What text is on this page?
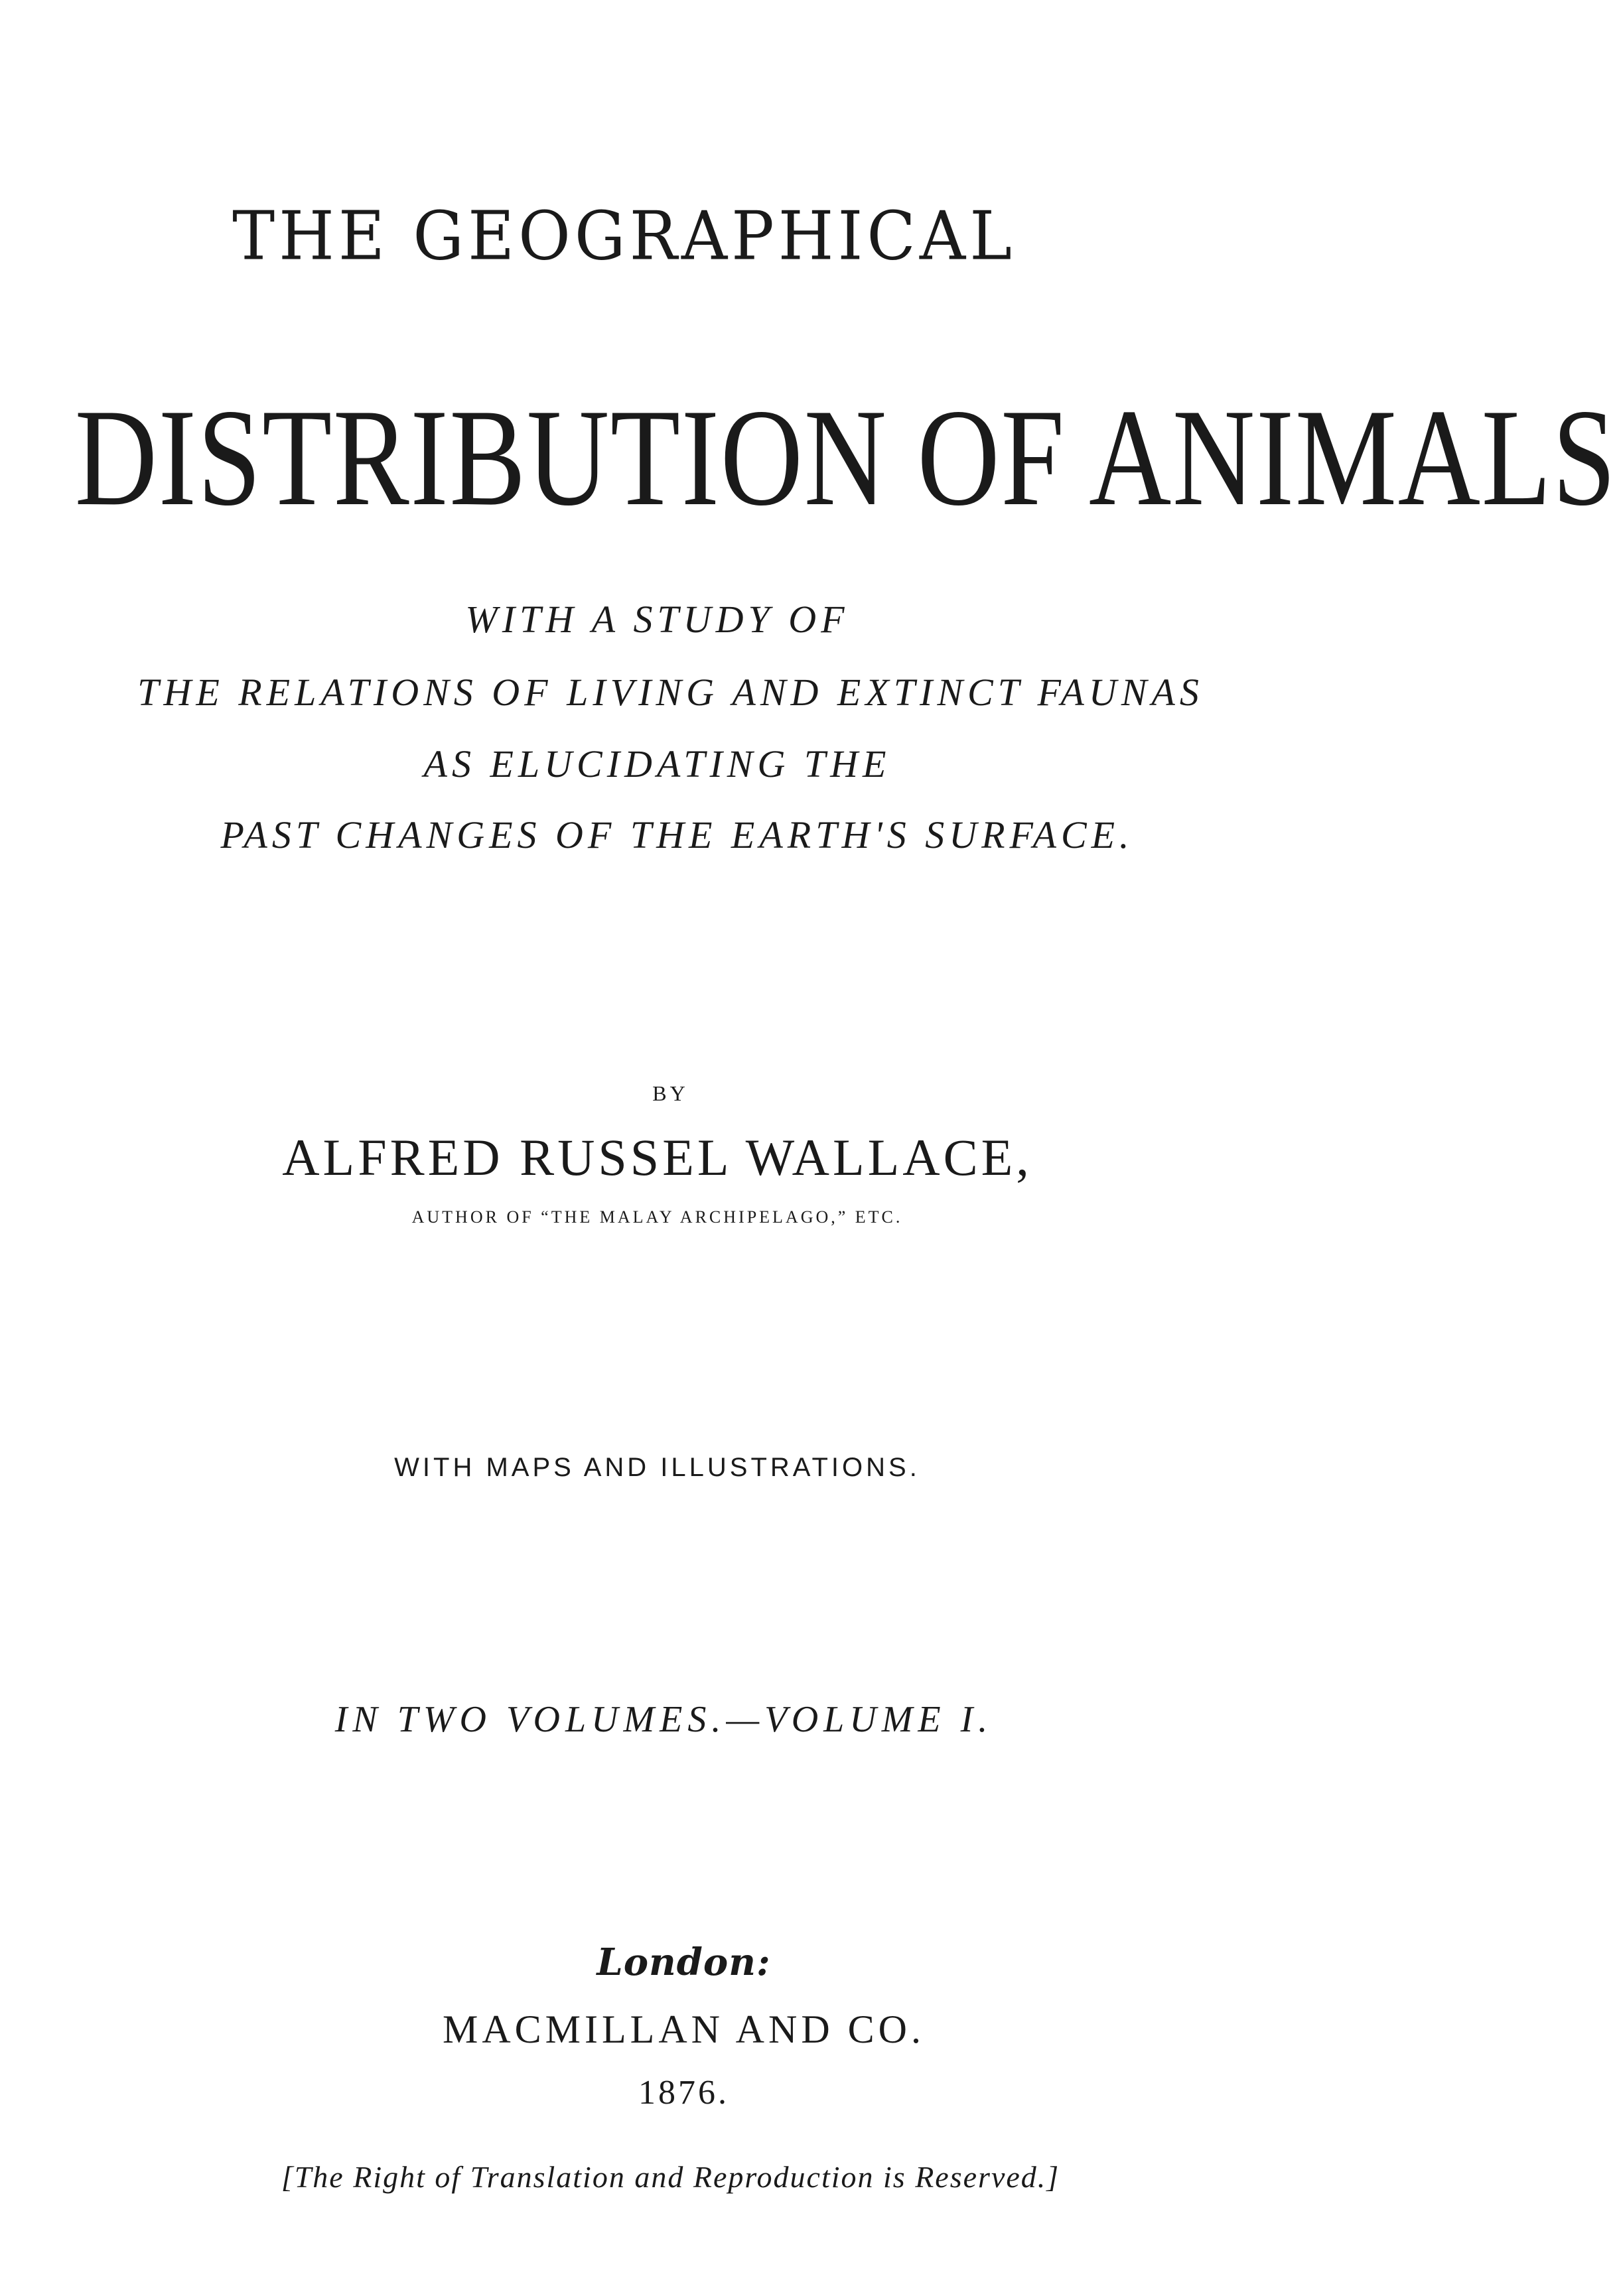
THE GEOGRAPHICAL
DISTRIBUTION OF ANIMALS
WITH A STUDY OF
THE RELATIONS OF LIVING AND EXTINCT FAUNAS
AS ELUCIDATING THE
PAST CHANGES OF THE EARTH'S SURFACE.
BY
ALFRED RUSSEL WALLACE,
AUTHOR OF “THE MALAY ARCHIPELAGO,” ETC.
WITH MAPS AND ILLUSTRATIONS.
IN TWO VOLUMES.—VOLUME I.
London:
MACMILLAN AND CO.
1876.
[The Right of Translation and Reproduction is Reserved.]
